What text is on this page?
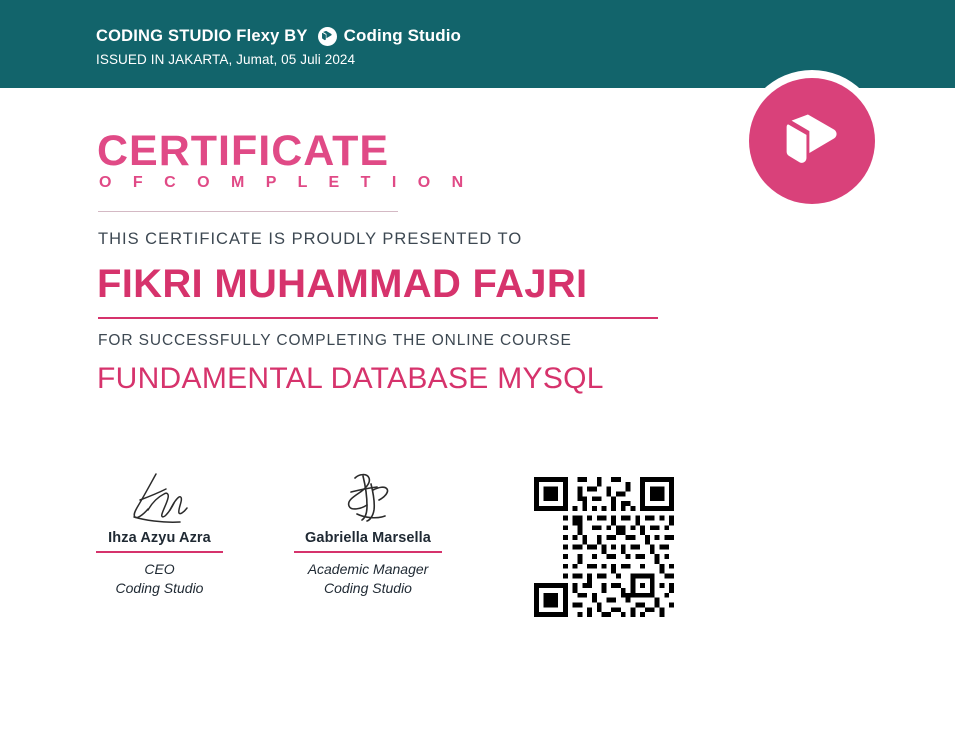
CODING STUDIO Flexy BY Coding Studio
ISSUED IN JAKARTA, Jumat, 05 Juli 2024
CERTIFICATE
O F C O M P L E T I O N
THIS CERTIFICATE IS PROUDLY PRESENTED TO
FIKRI MUHAMMAD FAJRI
FOR SUCCESSFULLY COMPLETING THE ONLINE COURSE
FUNDAMENTAL DATABASE MYSQL
Ihza Azyu Azra
CEO
Coding Studio
Gabriella Marsella
Academic Manager
Coding Studio
